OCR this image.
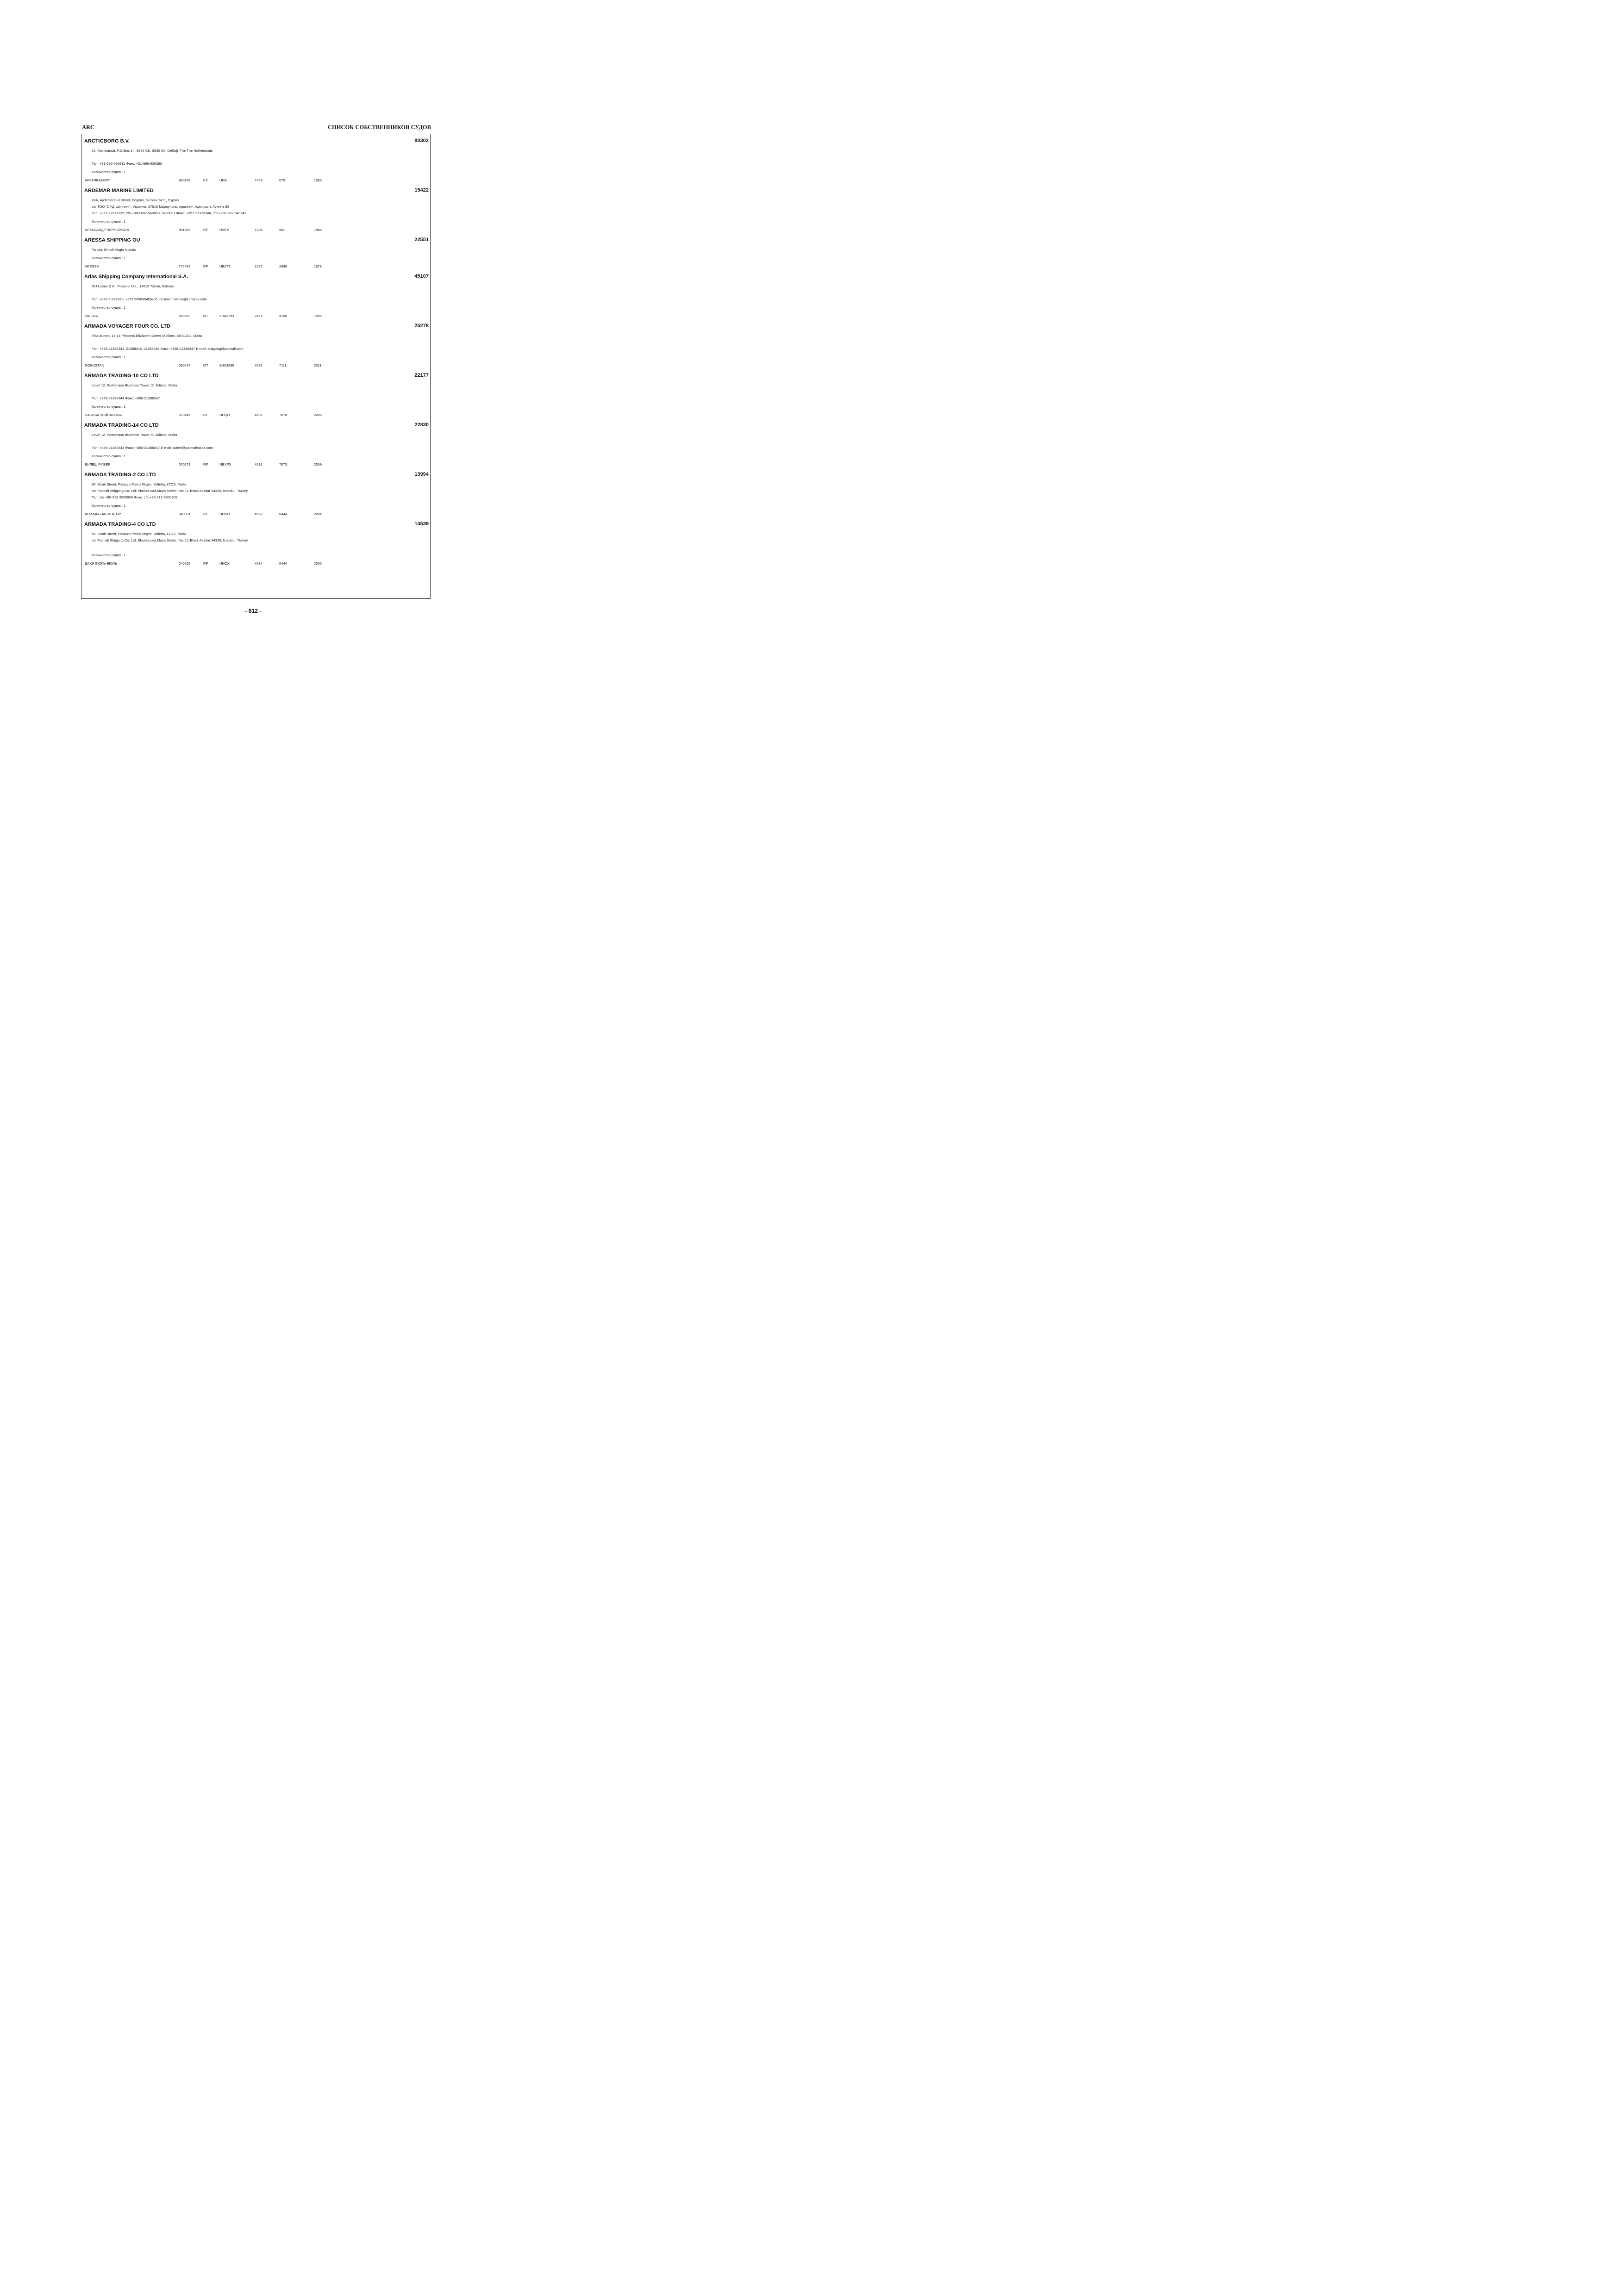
ARC	СПИСОК СОБСТВЕННИКОВ СУДОВ
ARCTICBORG B.V.	80302
10, Marktstraat, P.O.Box 14, 9934 CK, 9930 AA, Delfzijl, The The Netherlands
Тел: +31-596-636911 Факс: +31-596-636380
Количество судов : 1
АРКТИКАБОРГ	980198	KZ	UNA	1453	675	1998
ARDEMAR MARINE LIMITED	15422
24A, Archimedous street, Engomi, Nicosia 2411, Cyprus
c/o ТОО "СФД Шиппинг": Украина, 87510 Мариуполь, проспект Адмирала Лунина 89
Тел: +357-22373339; c/o +380-692-540800, 5405801 Факс: +357-22373346; c/o +380-692-540847
Количество судов : 1
АЛЕКСАНДР ЧЕРНОУСОВ	851692	RF	UVEX	1208	501	1986
ARESSA SHIPPING OU	22551
Tortola, British Virgin Islands
Количество судов : 1
ARESSA	772043	RF	UBZF2	1926	2649	1978
Arlas Shipping Company International S.A.	45107
OU Lumar S.A., Punane 14a , 13619 Tallinn, Estonia
Тел: +372-6-273930, +372 56569045(моб.) E-mail: marine@lumarsa.com
Количество судов : 1
SIRENA	980319	MT	9HA3783	2451	4150	1999
ARMADA VOYAGER FOUR CO. LTD	25278
Villa Aurora, 14-16 Princess Elizabeth Street Ta'Xbiex, XBX1102, Malta
Тел: +356-21388344, 21388345, 21388346 Факс: +356-21388347 E-mail: shipping@palmali.com
Количество судов : 1
GOBUSTAN	090454	MT	9HA2695	4681	7111	2011
ARMADA TRADING-10 CO LTD	22177
Level 12, Portomaso Business Tower, St.Julians, Malta
Тел: +356-21388344 Факс: +356-21388347
Количество судов : 1
НАСИБА ЗЕЙНАЛОВА	070145	RF	UHQD	4681	7070	2008
ARMADA TRADING-14 CO LTD	22830
Level 12, Portomaso Business Tower, St.Julians, Malta
Тел: +356-21388344 Факс: +356-21388347 E-mail: spiteri@palmalimalta.com
Количество судов : 1
ВИЛЕШ РИВЕР	070179	RF	UBXF3	4681	7073	2009
ARMADA TRADING-2 CO LTD	13994
90, Strait Street, Palazzo Pietro Stiges, Valletta, LTOS, Malta
c/o Palmali Shipping Co. Ltd: Ebulula cad.Maya Siteleri No: 1L-Block Akatlar 34335, Istanbul, Turkey
Тел: c/o +90-212-3500900 Факс: c/o +90-212-3500909
Количество судов : 1
АРМАДА НАВИГАТОР	040031	RF	UDOU	4522	6444	2004
ARMADA TRADING-4 CO LTD	14539
90, Strait Street, Palazzo Pietro Stiges, Valletta, LTOS, Malta
c/o Palmali Shipping Co. Ltd: Ebulula cad.Maya Siteleri No: 1L-Block Akatlar 34335, Istanbul, Turkey
Количество судов : 1
ДАХИ БЮЛЬ-БЮЛЬ	040262	RF	UHQX	4534	6444	2005
- 812 -
